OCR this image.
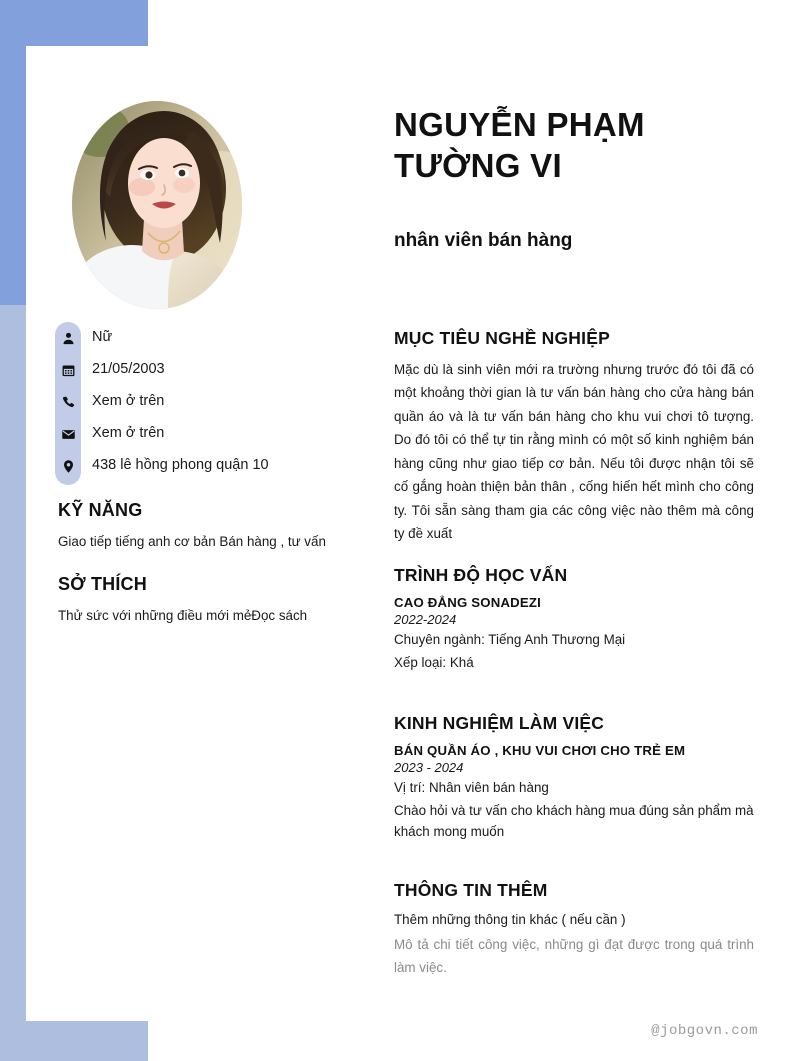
Nữ
21/05/2003
Xem ở trên
Xem ở trên
438 lê hồng phong quận 10
KỸ NĂNG

Giao tiếp tiếng anh cơ bản Bán hàng , tư vấn

SỞ THÍCH

Thử sức với những điều mới mẻĐọc sách

NGUYỄN PHẠM TƯỜNG VI
nhân viên bán hàng
MỤC TIÊU NGHỀ NGHIỆP

Mặc dù là sinh viên mới ra trường nhưng trước đó tôi đã có một khoảng thời gian là tư vấn bán hàng cho cửa hàng bán quần áo và là tư vấn bán hàng cho khu vui chơi tô tượng. Do đó tôi có thể tự tin rằng mình có một số kinh nghiệm bán hàng cũng như giao tiếp cơ bản. Nếu tôi được nhận tôi sẽ cố gắng hoàn thiện bản thân , cống hiến hết mình cho công ty. Tôi sẵn sàng tham gia các công việc nào thêm mà công ty đề xuất

TRÌNH ĐỘ HỌC VẤN

CAO ĐẲNG SONADEZI

2022-2024

Chuyên ngành: Tiếng Anh Thương Mại

Xếp loại: Khá

KINH NGHIỆM LÀM VIỆC

BÁN QUẦN ÁO , KHU VUI CHƠI CHO TRẺ EM

2023 - 2024

Vị trí: Nhân viên bán hàng

Chào hỏi và tư vấn cho khách hàng mua đúng sản phẩm mà khách mong muốn

THÔNG TIN THÊM

Thêm những thông tin khác ( nếu cần )

Mô tả chi tiết công việc, những gì đạt được trong quá trình làm việc.

@jobgovn.com
